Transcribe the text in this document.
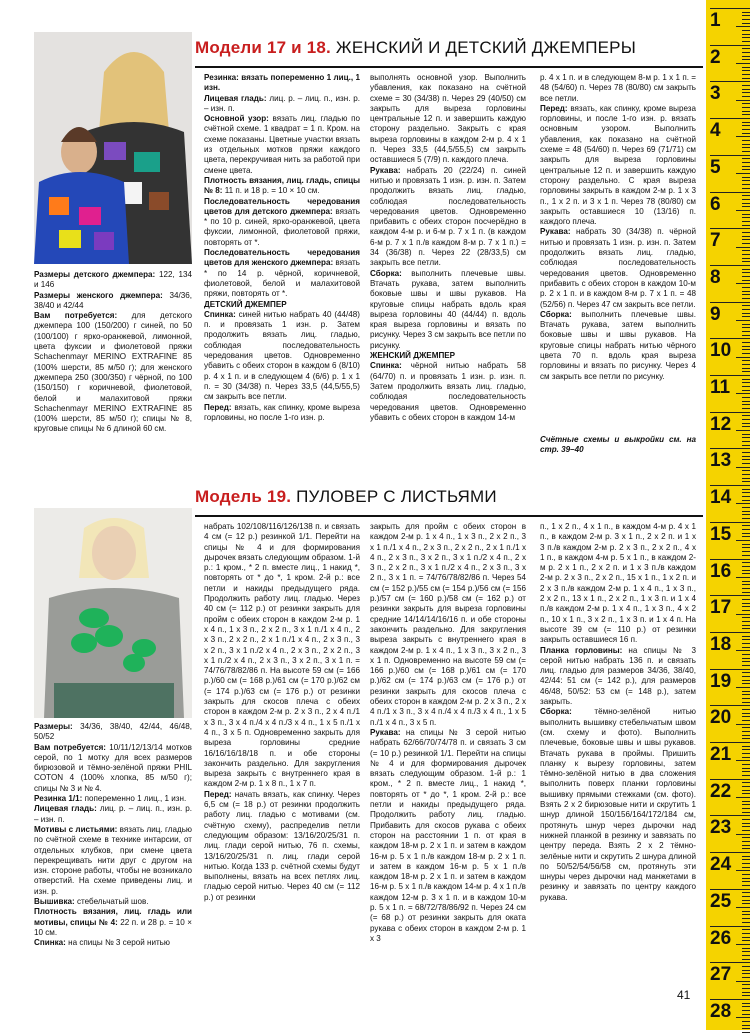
Модели 17 и 18. ЖЕНСКИЙ И ДЕТСКИЙ ДЖЕМПЕРЫ

Размеры детского джемпера: 122, 134 и 146

Размеры женского джемпера: 34/36, 38/40 и 42/44

Вам потребуется: для детского джемпера 100 (150/200) г синей, по 50 (100/100) г ярко-оранжевой, лимонной, цвета фуксии и фиолетовой пряжи Schachenmayr MERINO EXTRAFINE 85 (100% шерсти, 85 м/50 г); для женского джемпера 250 (300/350) г чёрной, по 100 (150/150) г коричневой, фиолетовой, белой и малахитовой пряжи Schachenmayr MERINO EXTRAFINE 85 (100% шерсти, 85 м/50 г); спицы № 8, круговые спицы № 6 длиной 60 см.

Резинка: вязать попеременно 1 лиц., 1 изн.

Лицевая гладь: лиц. р. – лиц. п., изн. р. – изн. п.

Основной узор: вязать лиц. гладью по счётной схеме. 1 квадрат = 1 п. Кром. на схеме показаны. Цветные участки вязать из отдельных мотков пряжи каждого цвета, перекручивая нить за работой при смене цвета.

Плотность вязания, лиц. гладь, спицы № 8: 11 п. и 18 р. = 10 × 10 см.

Последовательность чередования цветов для детского джемпера: вязать * по 10 р. синей, ярко-оранжевой, цвета фуксии, лимонной, фиолетовой пряжи, повторять от *.

Последовательность чередования цветов для женского джемпера: вязать * по 14 р. чёрной, коричневой, фиолетовой, белой и малахитовой пряжи, повторять от *.

ДЕТСКИЙ ДЖЕМПЕР

Спинка: синей нитью набрать 40 (44/48) п. и провязать 1 изн. р. Затем продолжить вязать лиц. гладью, соблюдая последовательность чередования цветов. Одновременно убавить с обеих сторон в каждом 6 (8/10) р. 4 х 1 п. и в следующем 4 (6/6) р. 1 х 1 п. = 30 (34/38) п. Через 33,5 (44,5/55,5) см закрыть все петли.

Перед: вязать, как спинку, кроме выреза горловины, но после 1-го изн. р.

выполнять основной узор. Выполнить убавления, как показано на счётной схеме = 30 (34/38) п. Через 29 (40/50) см закрыть для выреза горловины центральные 12 п. и завершить каждую сторону раздельно. Закрыть с края выреза горловины в каждом 2-м р. 4 х 1 п. Через 33,5 (44,5/55,5) см закрыть оставшиеся 5 (7/9) п. каждого плеча.

Рукава: набрать 20 (22/24) п. синей нитью и провязать 1 изн. р. изн. п. Затем продолжить вязать лиц. гладью, соблюдая последовательность чередования цветов. Одновременно прибавить с обеих сторон посчерёдно в каждом 4-м р. и 6-м р. 7 х 1 п. (в каждом 6-м р. 7 х 1 п./в каждом 8-м р. 7 х 1 п.) = 34 (36/38) п. Через 22 (28/33,5) см закрыть все петли.

Сборка: выполнить плечевые швы. Втачать рукава, затем выполнить боковые швы и швы рукавов. На круговые спицы набрать вдоль края выреза горловины 40 (44/44) п. вдоль края выреза горловины и вязать по рисунку. Через 3 см закрыть все петли по рисунку.

ЖЕНСКИЙ ДЖЕМПЕР

Спинка: чёрной нитью набрать 58 (64/70) п. и провязать 1 изн. р. изн. п. Затем продолжить вязать лиц. гладью, соблюдая последовательность чередования цветов. Одновременно убавить с обеих сторон в каждом 14-м

р. 4 х 1 п. и в следующем 8-м р. 1 х 1 п. = 48 (54/60) п. Через 78 (80/80) см закрыть все петли.

Перед: вязать, как спинку, кроме выреза горловины, и после 1-го изн. р. вязать основным узором. Выполнить убавления, как показано на счётной схеме = 48 (54/60) п. Через 69 (71/71) см закрыть для выреза горловины центральные 12 п. и завершить каждую сторону раздельно. С края выреза горловины закрыть в каждом 2-м р. 1 х 3 п., 1 х 2 п. и 3 х 1 п. Через 78 (80/80) см закрыть оставшиеся 10 (13/16) п. каждого плеча.

Рукава: набрать 30 (34/38) п. чёрной нитью и провязать 1 изн. р. изн. п. Затем продолжить вязать лиц. гладью, соблюдая последовательность чередования цветов. Одновременно прибавить с обеих сторон в каждом 10-м р. 2 х 1 п. и в каждом 8-м р. 7 х 1 п. = 48 (52/56) п. Через 47 см закрыть все петли.

Сборка: выполнить плечевые швы. Втачать рукава, затем выполнить боковые швы и швы рукавов. На круговые спицы набрать нитью чёрного цвета 70 п. вдоль края выреза горловины и вязать по рисунку. Через 4 см закрыть все петли по рисунку.

Счётные схемы и выкройки см. на стр. 39–40
Модель 19. ПУЛОВЕР С ЛИСТЬЯМИ

Размеры: 34/36, 38/40, 42/44, 46/48, 50/52

Вам потребуется: 10/11/12/13/14 мотков серой, по 1 мотку для всех размеров бирюзовой и тёмно-зелёной пряжи PHIL COTON 4 (100% хлопка, 85 м/50 г); спицы № 3 и № 4.

Резинка 1/1: попеременно 1 лиц., 1 изн.

Лицевая гладь: лиц. р. – лиц. п., изн. р. – изн. п.

Мотивы с листьями: вязать лиц. гладью по счётной схеме в технике интарсии, от отдельных клубков, при смене цвета перекрещивать нити друг с другом на изн. стороне работы, чтобы не возникало отверстий. На схеме приведены лиц. и изн. р.

Вышивка: стебельчатый шов.

Плотность вязания, лиц. гладь или мотивы, спицы № 4: 22 п. и 28 р. = 10 × 10 см.

Спинка: на спицы № 3 серой нитью

набрать 102/108/116/126/138 п. и связать 4 см (= 12 р.) резинкой 1/1. Перейти на спицы № 4 и для формирования дырочек вязать следующим образом. 1-й р.: 1 кром., * 2 п. вместе лиц., 1 накид *, повторять от * до *, 1 кром. 2-й р.: все петли и накиды предыдущего ряда. Продолжить работу лиц. гладью. Через 40 см (= 112 р.) от резинки закрыть для пройм с обеих сторон в каждом 2-м р. 1 х 4 п., 1 х 3 п., 2 х 2 п., 3 х 1 п./1 х 4 п., 2 х 3 п., 2 х 2 п., 2 х 1 п./1 х 4 п., 2 х 3 п., 3 х 2 п., 3 х 1 п./2 х 4 п., 2 х 3 п., 2 х 2 п., 3 х 1 п./2 х 4 п., 2 х 3 п., 3 х 2 п., 3 х 1 п. = 74/76/78/82/86 п. На высоте 59 см (= 166 р.)/60 см (= 168 р.)/61 см (= 170 р.)/62 см (= 174 р.)/63 см (= 176 р.) от резинки закрыть для скосов плеча с обеих сторон в каждом 2-м р. 2 х 3 п., 2 х 4 п./1 х 3 п., 3 х 4 п./4 х 4 п./3 х 4 п., 1 х 5 п./1 х 4 п., 3 х 5 п. Одновременно закрыть для выреза горловины средние 16/16/16/18/18 п. и обе стороны закончить раздельно. Для закругления выреза закрыть с внутреннего края в каждом 2-м р. 1 х 8 п., 1 х 7 п.

Перед: начать вязать, как спинку. Через 6,5 см (= 18 р.) от резинки продолжить работу лиц. гладью с мотивами (см. счётную схему), распределив петли следующим образом: 13/16/20/25/31 п. лиц. глади серой нитью, 76 п. схемы, 13/16/20/25/31 п. лиц. глади серой нитью. Когда 133 р. счётной схемы будут выполнены, вязать на всех петлях лиц. гладью серой нитью. Через 40 см (= 112 р.) от резинки

закрыть для пройм с обеих сторон в каждом 2-м р. 1 х 4 п., 1 х 3 п., 2 х 2 п., 3 х 1 п./1 х 4 п., 2 х 3 п., 2 х 2 п., 2 х 1 п./1 х 4 п., 2 х 3 п., 3 х 2 п., 3 х 1 п./2 х 4 п., 2 х 3 п., 2 х 2 п., 3 х 1 п./2 х 4 п., 2 х 3 п., 3 х 2 п., 3 х 1 п. = 74/76/78/82/86 п. Через 54 см (= 152 р.)/55 см (= 154 р.)/56 см (= 156 р.)/57 см (= 160 р.)/58 см (= 162 р.) от резинки закрыть для выреза горловины средние 14/14/14/16/16 п. и обе стороны закончить раздельно. Для закругления выреза закрыть с внутреннего края в каждом 2-м р. 1 х 4 п., 1 х 3 п., 3 х 2 п., 3 х 1 п. Одновременно на высоте 59 см (= 166 р.)/60 см (= 168 р.)/61 см (= 170 р.)/62 см (= 174 р.)/63 см (= 176 р.) от резинки закрыть для скосов плеча с обеих сторон в каждом 2-м р. 2 х 3 п., 2 х 4 п./1 х 3 п., 3 х 4 п./4 х 4 п./3 х 4 п., 1 х 5 п./1 х 4 п., 3 х 5 п.

Рукава: на спицы № 3 серой нитью набрать 62/66/70/74/78 п. и связать 3 см (= 10 р.) резинкой 1/1. Перейти на спицы № 4 и для формирования дырочек вязать следующим образом. 1-й р.: 1 кром., * 2 п. вместе лиц., 1 накид *, повторять от * до *, 1 кром. 2-й р.: все петли и накиды предыдущего ряда. Продолжить работу лиц. гладью. Прибавить для скосов рукава с обеих сторон на расстоянии 1 п. от края в каждом 18-м р. 2 х 1 п. и затем в каждом 16-м р. 5 х 1 п./в каждом 18-м р. 2 х 1 п. и затем в каждом 16-м р. 5 х 1 п./в каждом 18-м р. 2 х 1 п. и затем в каждом 16-м р. 5 х 1 п./в каждом 14-м р. 4 х 1 п./в каждом 12-м р. 3 х 1 п. и в каждом 10-м р. 5 х 1 п. = 68/72/78/86/92 п. Через 24 см (= 68 р.) от резинки закрыть для оката рукава с обеих сторон в каждом 2-м р. 1 х 3

п., 1 х 2 п., 4 х 1 п., в каждом 4-м р. 4 х 1 п., в каждом 2-м р. 3 х 1 п., 2 х 2 п. и 1 х 3 п./в каждом 2-м р. 2 х 3 п., 2 х 2 п., 4 х 1 п., в каждом 4-м р. 5 х 1 п., в каждом 2-м р. 2 х 1 п., 2 х 2 п. и 1 х 3 п./в каждом 2-м р. 2 х 3 п., 2 х 2 п., 15 х 1 п., 1 х 2 п. и 2 х 3 п./в каждом 2-м р. 1 х 4 п., 1 х 3 п., 2 х 2 п., 13 х 1 п., 2 х 2 п., 1 х 3 п. и 1 х 4 п./в каждом 2-м р. 1 х 4 п., 1 х 3 п., 4 х 2 п., 10 х 1 п., 3 х 2 п., 1 х 3 п. и 1 х 4 п. На высоте 39 см (= 110 р.) от резинки закрыть оставшиеся 16 п.

Планка горловины: на спицы № 3 серой нитью набрать 136 п. и связать лиц. гладью для размеров 34/36, 38/40, 42/44: 51 см (= 142 р.), для размеров 46/48, 50/52: 53 см (= 148 р.), затем закрыть.

Сборка: тёмно-зелёной нитью выполнить вышивку стебельчатым швом (см. схему и фото). Выполнить плечевые, боковые швы и швы рукавов. Втачать рукава в проймы. Пришить планку к вырезу горловины, затем тёмно-зелёной нитью в два сложения выполнить поверх планки горловины вышивку прямыми стежками (см. фото). Взять 2 х 2 бирюзовые нити и скрутить 1 шнур длиной 150/156/164/172/184 см, протянуть шнур через дырочки над нижней планкой в резинку и завязать по центру переда. Взять 2 х 2 тёмно-зелёные нити и скрутить 2 шнура длиной по 50/52/54/56/58 см, протянуть эти шнуры через дырочки над манжетами в резинку и завязать по центру каждого рукава.

41
1
2
3
4
5
6
7
8
9
10
11
12
13
14
15
16
17
18
19
20
21
22
23
24
25
26
27
28
